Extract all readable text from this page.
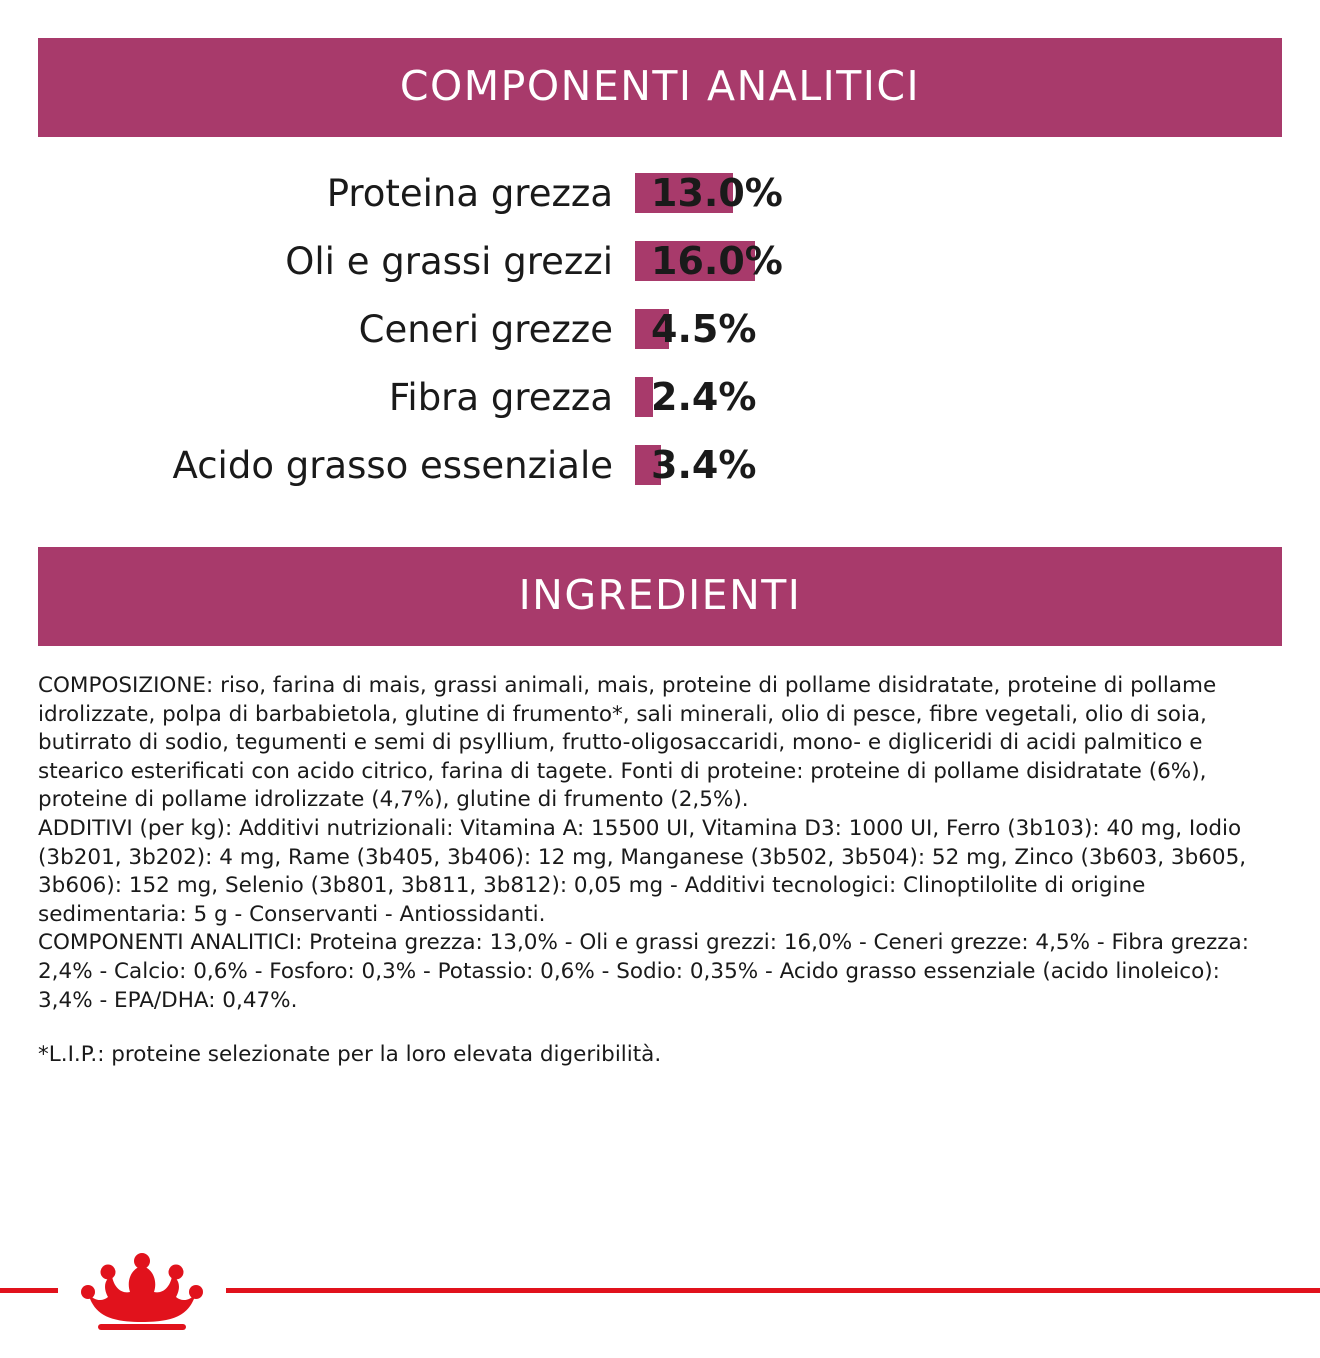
COMPONENTI ANALITICI
Proteina grezza	13.0%
Oli e grassi grezzi	16.0%
Ceneri grezze	4.5%
Fibra grezza	2.4%
Acido grasso essenziale	3.4%
INGREDIENTI

COMPOSIZIONE: riso, farina di mais, grassi animali, mais, proteine di pollame disidratate, proteine di pollame idrolizzate, polpa di barbabietola, glutine di frumento*, sali minerali, olio di pesce, fibre vegetali, olio di soia, butirrato di sodio, tegumenti e semi di psyllium, frutto-oligosaccaridi, mono- e digliceridi di acidi palmitico e stearico esterificati con acido citrico, farina di tagete. Fonti di proteine: proteine di pollame disidratate (6%), proteine di pollame idrolizzate (4,7%), glutine di frumento (2,5%).

ADDITIVI (per kg): Additivi nutrizionali: Vitamina A: 15500 UI, Vitamina D3: 1000 UI, Ferro (3b103): 40 mg, Iodio (3b201, 3b202): 4 mg, Rame (3b405, 3b406): 12 mg, Manganese (3b502, 3b504): 52 mg, Zinco (3b603, 3b605, 3b606): 152 mg, Selenio (3b801, 3b811, 3b812): 0,05 mg - Additivi tecnologici: Clinoptilolite di origine sedimentaria: 5 g - Conservanti - Antiossidanti.

COMPONENTI ANALITICI: Proteina grezza: 13,0% - Oli e grassi grezzi: 16,0% - Ceneri grezze: 4,5% - Fibra grezza: 2,4% - Calcio: 0,6% - Fosforo: 0,3% - Potassio: 0,6% - Sodio: 0,35% - Acido grasso essenziale (acido linoleico): 3,4% - EPA/DHA: 0,47%.

*L.I.P.: proteine selezionate per la loro elevata digeribilità.
